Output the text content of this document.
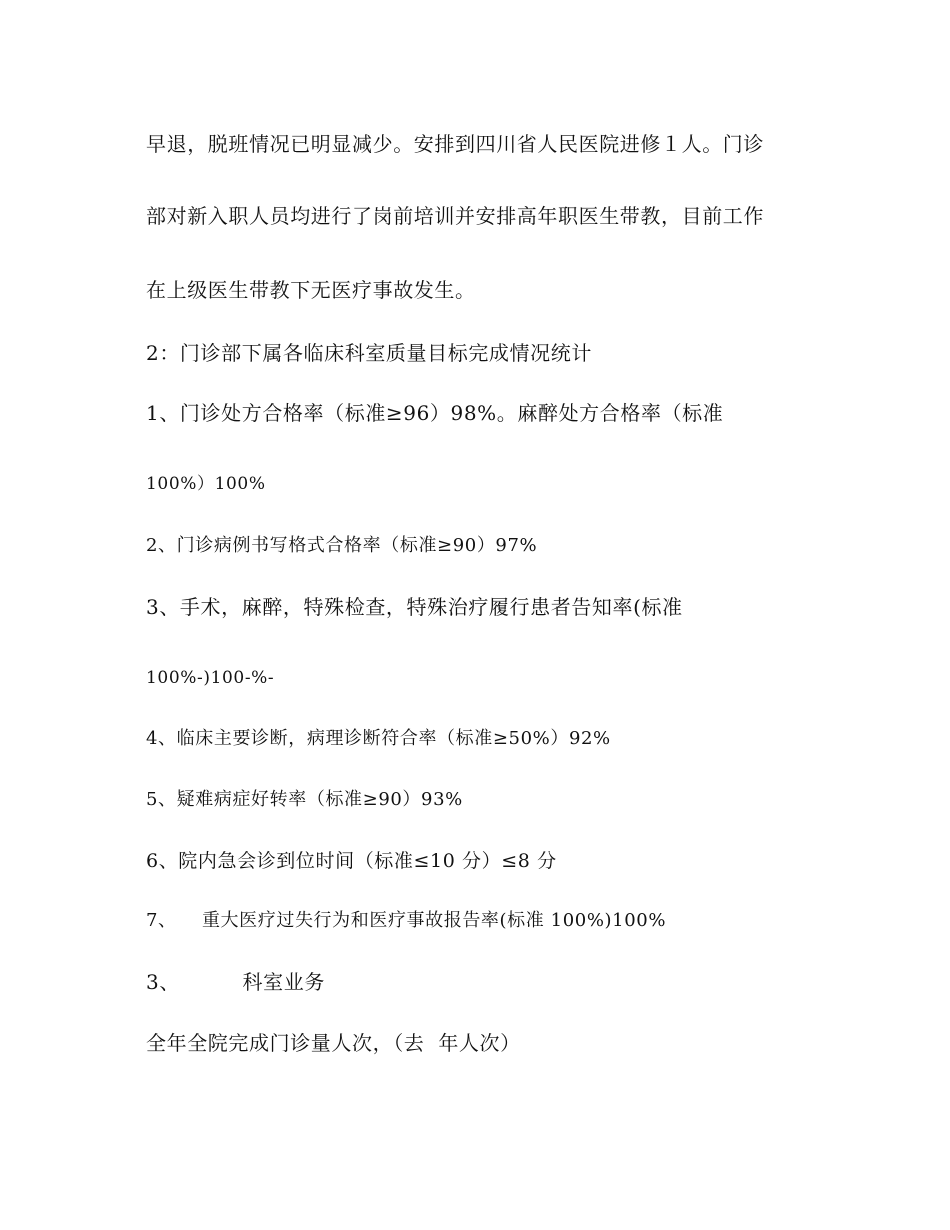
早退，脱班情况已明显减少。安排到四川省人民医院进修１人。门诊
部对新入职人员均进行了岗前培训并安排高年职医生带教，目前工作
在上级医生带教下无医疗事故发生。
2：门诊部下属各临床科室质量目标完成情况统计
1、门诊处方合格率（标准≥96）98%。麻醉处方合格率（标准
100%）100%
2、门诊病例书写格式合格率（标准≥90）97%
3、手术，麻醉，特殊检查，特殊治疗履行患者告知率(标准
100%-)100-%-
4、临床主要诊断，病理诊断符合率（标准≥50%）92%
5、疑难病症好转率（标准≥90）93%
6、院内急会诊到位时间（标准≤10 分）≤8 分
7、    重大医疗过失行为和医疗事故报告率(标准 100%)100%
3、         科室业务
全年全院完成门诊量人次，（去  年人次）
